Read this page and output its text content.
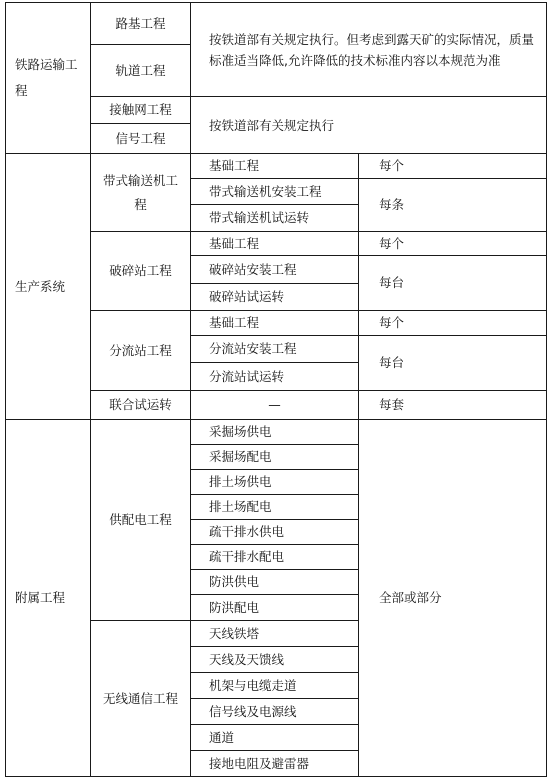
铁路运输工程	路基工程	按铁道部有关规定执行。但考虑到露天矿的实际情况，质量标准适当降低,允许降低的技术标准内容以本规范为准	
	轨道工程		
	接触网工程	按铁道部有关规定执行	
	信号工程		
生产系统	带式输送机工程	基础工程	每个
		带式输送机安装工程	每条
		带式输送机试运转	
	破碎站工程	基础工程	每个
		破碎站安装工程	每台
		破碎站试运转	
	分流站工程	基础工程	每个
		分流站安装工程	每台
		分流站试运转	
	联合试运转	—	每套
附属工程	供配电工程	采掘场供电	全部或部分
		采掘场配电	
		排土场供电	
		排土场配电	
		疏干排水供电	
		疏干排水配电	
		防洪供电	
		防洪配电	
	无线通信工程	天线铁塔	
		天线及天馈线	
		机架与电缆走道	
		信号线及电源线	
		通道	
		接地电阻及避雷器	
